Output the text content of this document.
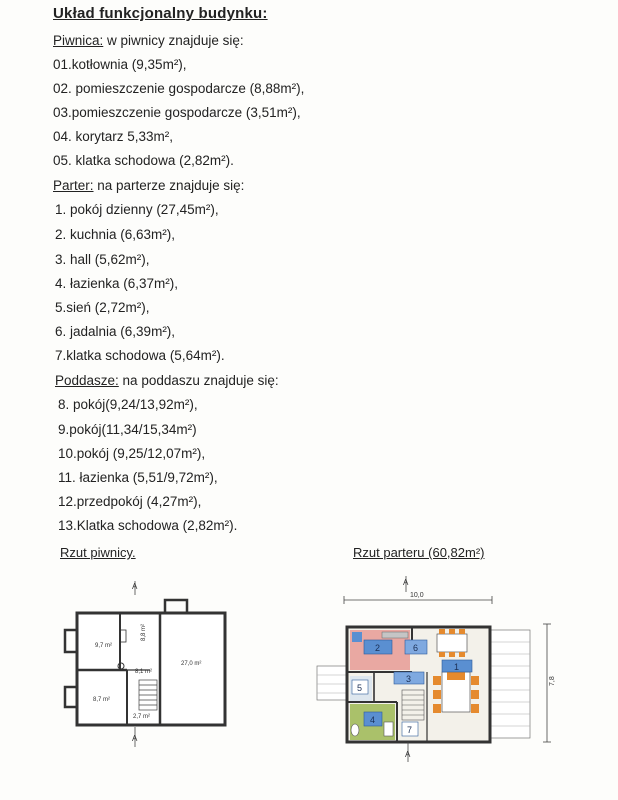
Układ funkcjonalny budynku:
Piwnica: w piwnicy znajduje się:
01.kotłownia (9,35m²),
02. pomieszczenie gospodarcze (8,88m²),
03.pomieszczenie gospodarcze (3,51m²),
04. korytarz 5,33m²,
05. klatka schodowa (2,82m²).
Parter: na parterze znajduje się:
1. pokój dzienny (27,45m²),
2. kuchnia (6,63m²),
3. hall (5,62m²),
4. łazienka (6,37m²),
5.sień (2,72m²),
6. jadalnia (6,39m²),
7.klatka schodowa (5,64m²).
Poddasze: na poddaszu znajduje się:
8. pokój(9,24/13,92m²),
9.pokój(11,34/15,34m²)
10.pokój (9,25/12,07m²),
11. łazienka (5,51/9,72m²),
12.przedpokój (4,27m²),
13.Klatka schodowa (2,82m²).
Rzut piwnicy.	Rzut parteru (60,82m²)
A
9,7 m²
8,8 m²
8,1 m²
27,0 m²
8,7 m²
2,7 m²
A
A
10,0
7,8
2	6
1
3
5
4
7
A
